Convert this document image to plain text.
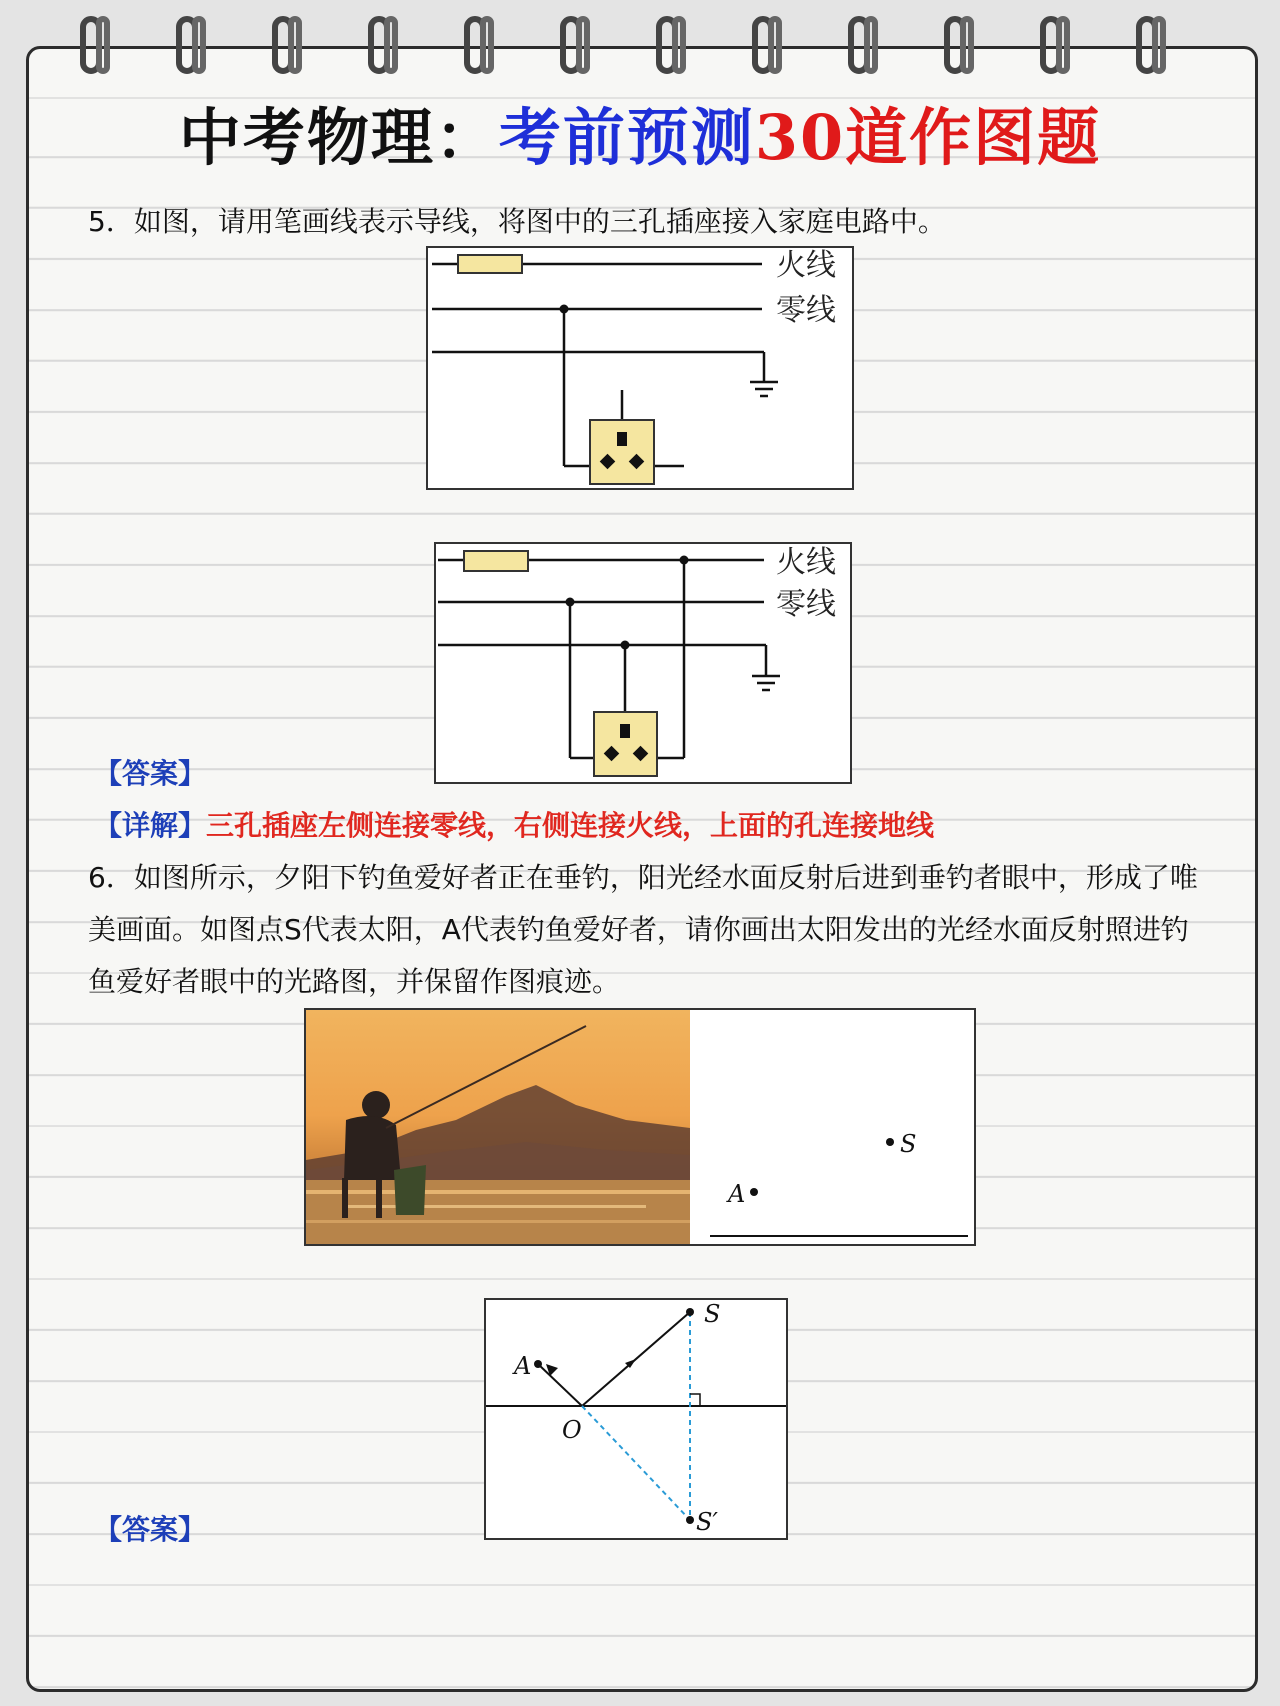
中考物理：考前预测30道作图题
5．如图，请用笔画线表示导线，将图中的三孔插座接入家庭电路中。
火线
零线
火线
零线
【答案】
【详解】三孔插座左侧连接零线，右侧连接火线，上面的孔连接地线
6．如图所示，夕阳下钓鱼爱好者正在垂钓，阳光经水面反射后进到垂钓者眼中，形成了唯美画面。如图点S代表太阳，A代表钓鱼爱好者，请你画出太阳发出的光经水面反射照进钓鱼爱好者眼中的光路图，并保留作图痕迹。
S
A
S
A
O
S′
【答案】
